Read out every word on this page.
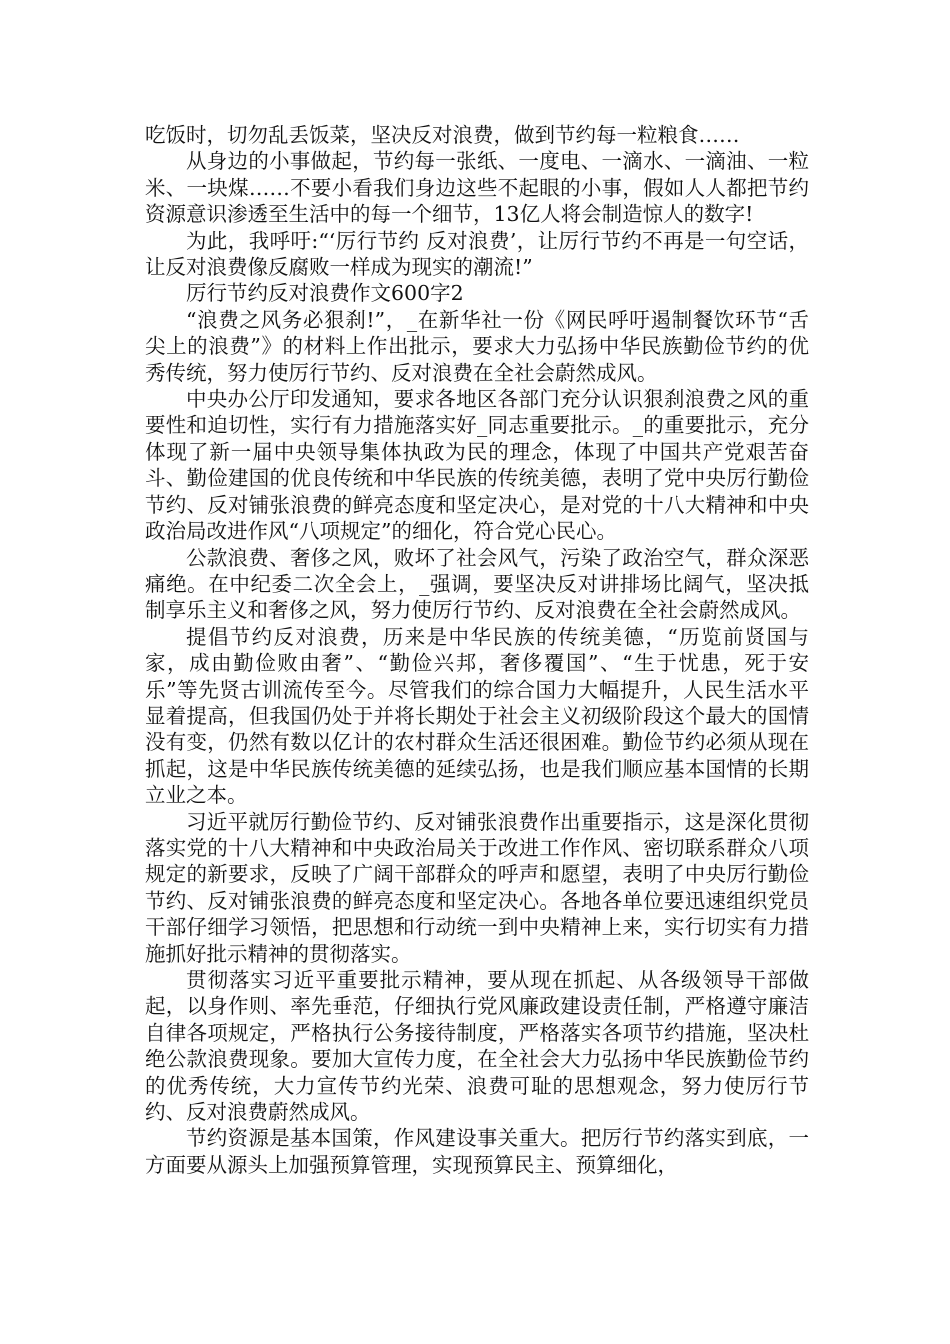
吃饭时，切勿乱丢饭菜，坚决反对浪费，做到节约每一粒粮食……

从身边的小事做起，节约每一张纸、一度电、一滴水、一滴油、一粒米、一块煤……不要小看我们身边这些不起眼的小事，假如人人都把节约资源意识渗透至生活中的每一个细节，13亿人将会制造惊人的数字!

为此，我呼吁:“‘厉行节约 反对浪费’，让厉行节约不再是一句空话，让反对浪费像反腐败一样成为现实的潮流!”

厉行节约反对浪费作文600字2

“浪费之风务必狠刹!”，_在新华社一份《网民呼吁遏制餐饮环节“舌尖上的浪费”》的材料上作出批示，要求大力弘扬中华民族勤俭节约的优秀传统，努力使厉行节约、反对浪费在全社会蔚然成风。

中央办公厅印发通知，要求各地区各部门充分认识狠刹浪费之风的重要性和迫切性，实行有力措施落实好_同志重要批示。_的重要批示，充分体现了新一届中央领导集体执政为民的理念，体现了中国共产党艰苦奋斗、勤俭建国的优良传统和中华民族的传统美德，表明了党中央厉行勤俭节约、反对铺张浪费的鲜亮态度和坚定决心，是对党的十八大精神和中央政治局改进作风“八项规定”的细化，符合党心民心。

公款浪费、奢侈之风，败坏了社会风气，污染了政治空气，群众深恶痛绝。在中纪委二次全会上，_强调，要坚决反对讲排场比阔气，坚决抵制享乐主义和奢侈之风，努力使厉行节约、反对浪费在全社会蔚然成风。

提倡节约反对浪费，历来是中华民族的传统美德，“历览前贤国与家，成由勤俭败由奢”、“勤俭兴邦，奢侈覆国”、“生于忧患，死于安乐”等先贤古训流传至今。尽管我们的综合国力大幅提升，人民生活水平显着提高，但我国仍处于并将长期处于社会主义初级阶段这个最大的国情没有变，仍然有数以亿计的农村群众生活还很困难。勤俭节约必须从现在抓起，这是中华民族传统美德的延续弘扬，也是我们顺应基本国情的长期立业之本。

习近平就厉行勤俭节约、反对铺张浪费作出重要指示，这是深化贯彻落实党的十八大精神和中央政治局关于改进工作作风、密切联系群众八项规定的新要求，反映了广阔干部群众的呼声和愿望，表明了中央厉行勤俭节约、反对铺张浪费的鲜亮态度和坚定决心。各地各单位要迅速组织党员干部仔细学习领悟，把思想和行动统一到中央精神上来，实行切实有力措施抓好批示精神的贯彻落实。

贯彻落实习近平重要批示精神，要从现在抓起、从各级领导干部做起，以身作则、率先垂范，仔细执行党风廉政建设责任制，严格遵守廉洁自律各项规定，严格执行公务接待制度，严格落实各项节约措施，坚决杜绝公款浪费现象。要加大宣传力度，在全社会大力弘扬中华民族勤俭节约的优秀传统，大力宣传节约光荣、浪费可耻的思想观念，努力使厉行节约、反对浪费蔚然成风。

节约资源是基本国策，作风建设事关重大。把厉行节约落实到底，一方面要从源头上加强预算管理，实现预算民主、预算细化，
